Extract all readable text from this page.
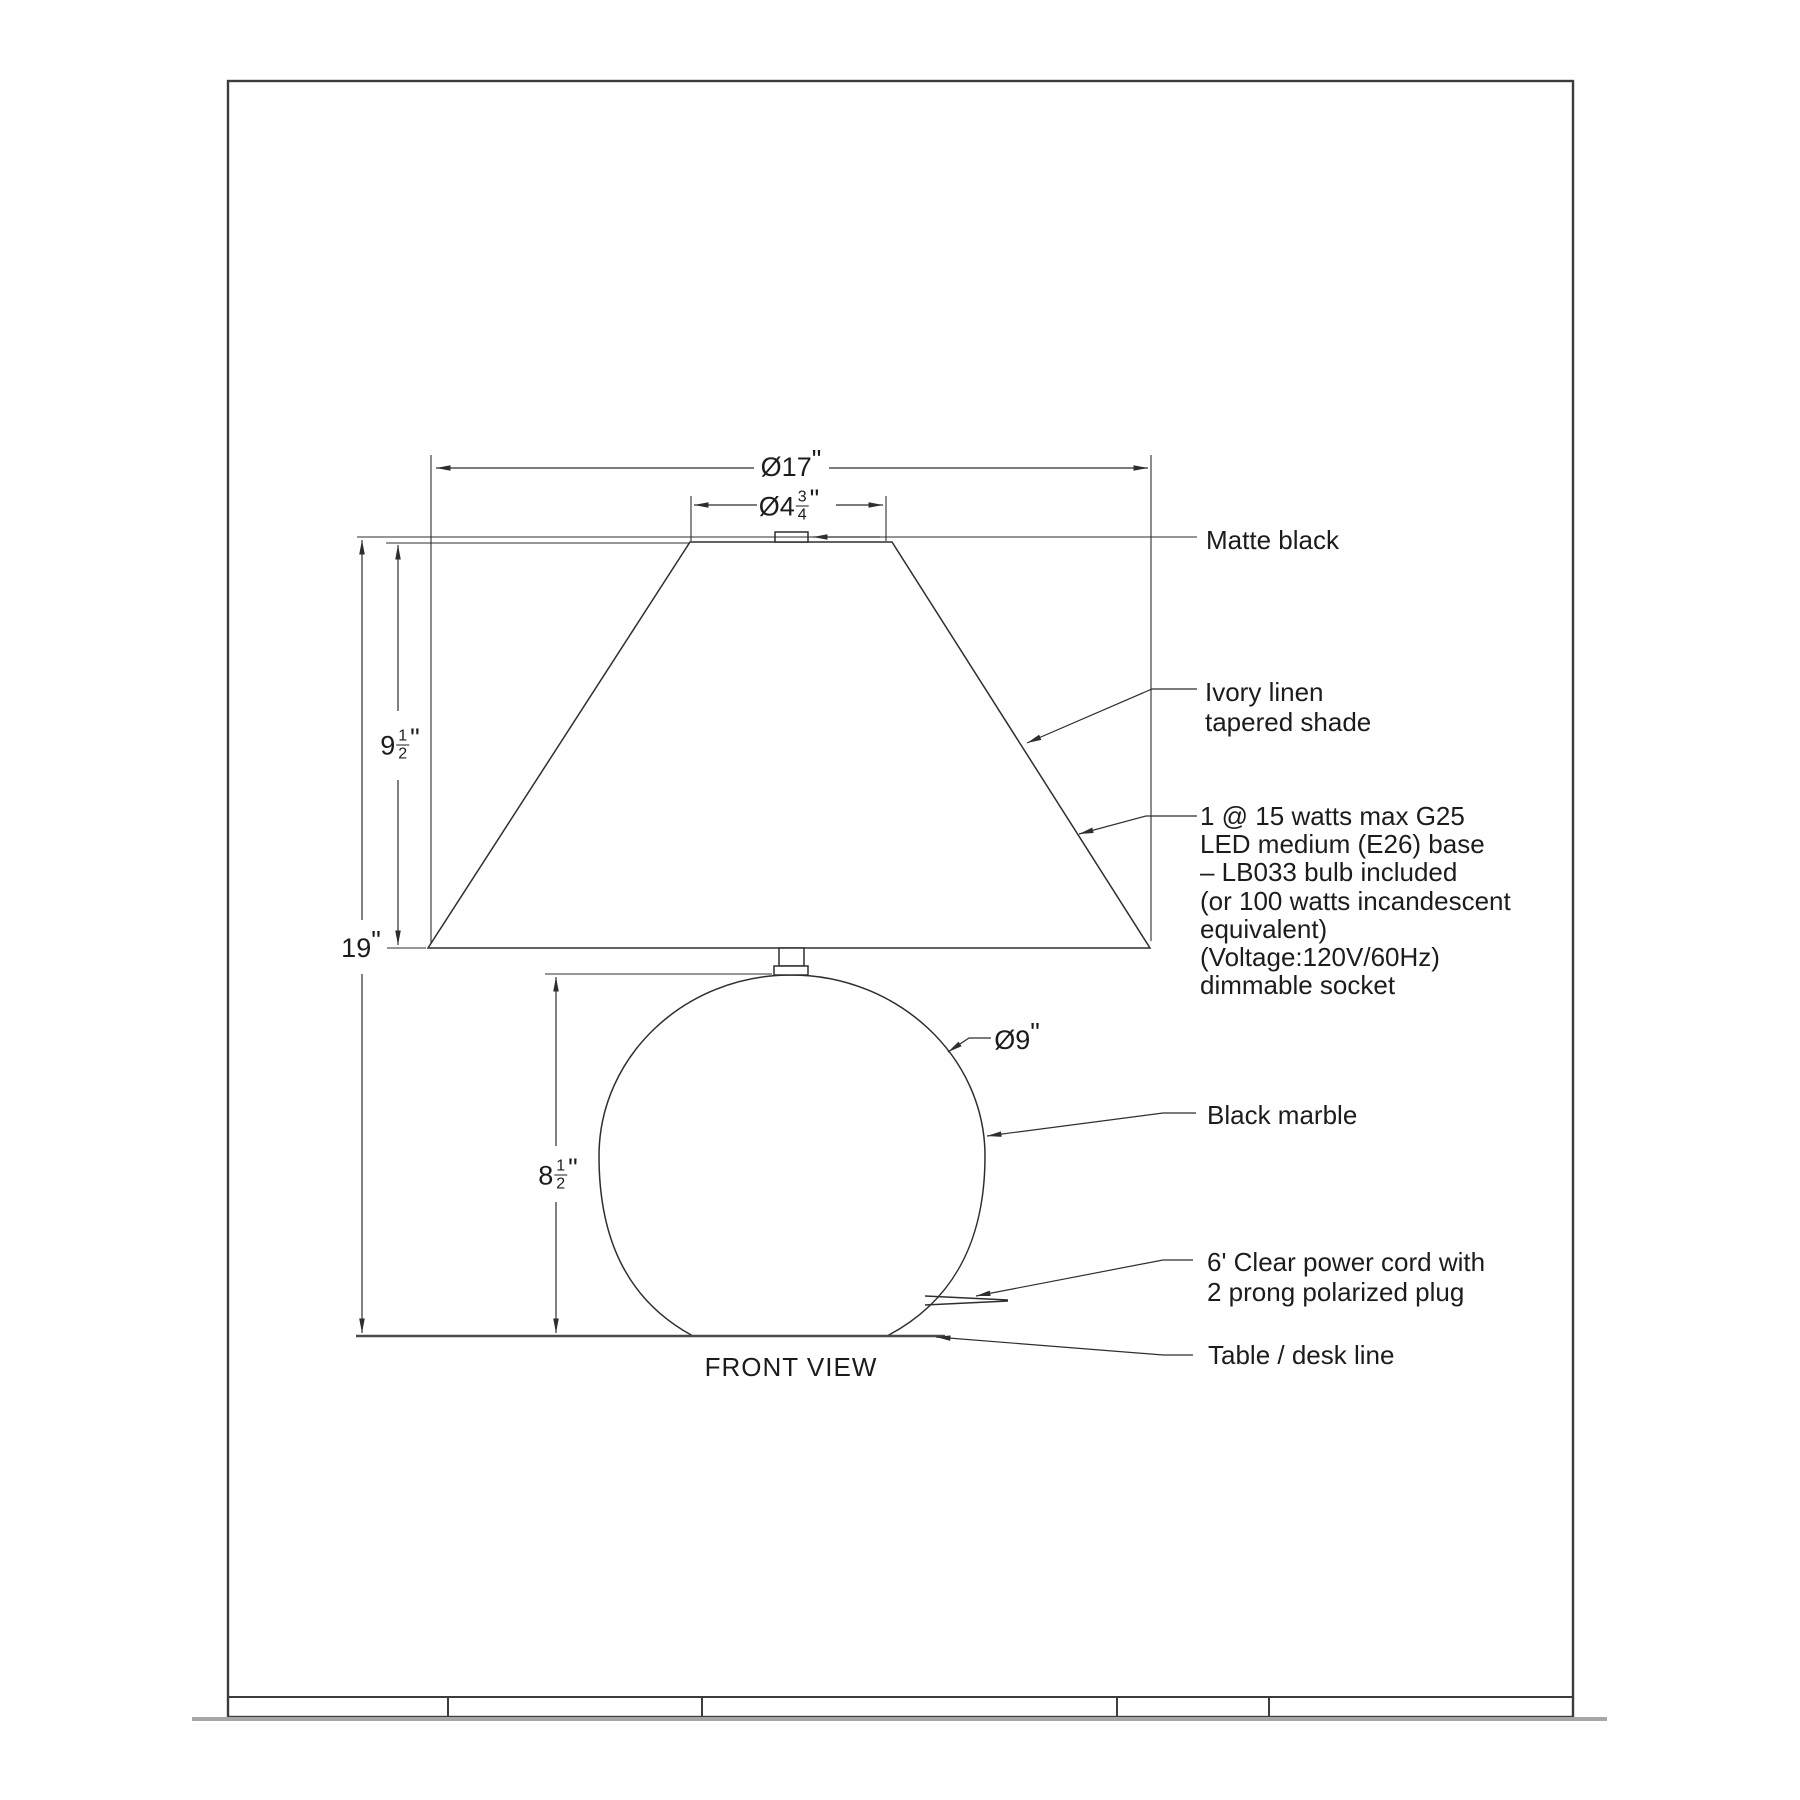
Ø17 "
Ø4 $\frac{3}{4}$ "
$9 \frac{1}{2}$ "
19 "
$8 \frac{1}{2}$ "
Ø9 "
Matte black
Ivory linen
tapered shade
1 @ 15 watts max G25
LED medium (E26) base
– LB033 bulb included
(or 100 watts incandescent
equivalent)
(Voltage:120V/60Hz)
dimmable socket
Black marble
6' Clear power cord with
2 prong polarized plug
Table / desk line
FRONT VIEW
